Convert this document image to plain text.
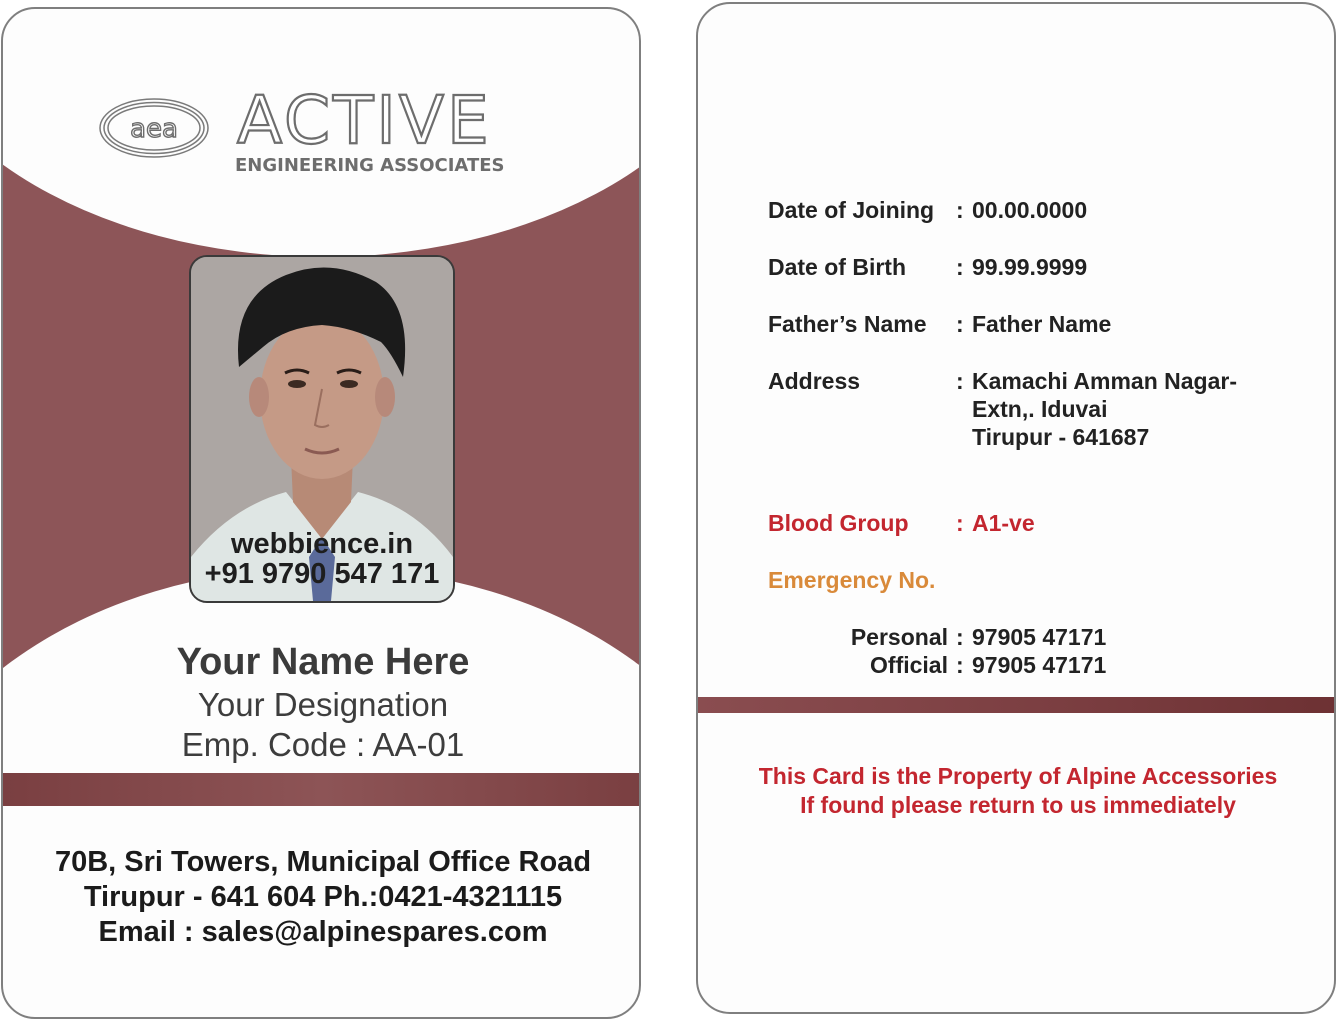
aea ACTIVE
ENGINEERING ASSOCIATES
webbience.in
+91 9790 547 171
Your Name Here
Your Designation
Emp. Code : AA-01
70B, Sri Towers, Municipal Office Road
Tirupur - 641 604 Ph.:0421-4321115
Email : sales@alpinespares.com
Date of Joining : 00.00.0000
Date of Birth : 99.99.9999
Father’s Name : Father Name
Address	: Kamachi Amman Nagar-
Extn,. Iduvai
Tirupur - 641687
Blood Group : A1-ve
Emergency No.
Personal : 97905 47171
Official : 97905 47171
This Card is the Property of Alpine Accessories
If found please return to us immediately
